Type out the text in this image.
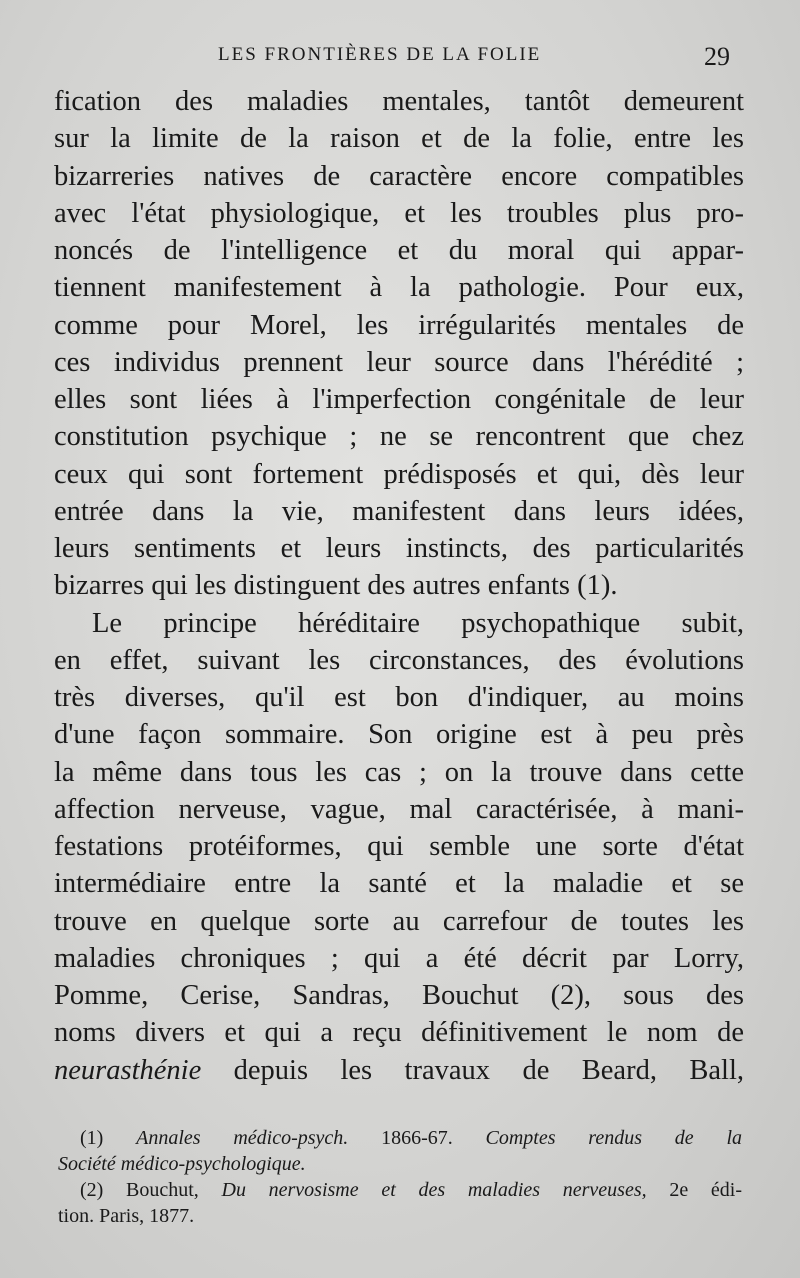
LES FRONTIÈRES DE LA FOLIE	29
fication des maladies mentales, tantôt demeurent
sur la limite de la raison et de la folie, entre les
bizarreries natives de caractère encore compatibles
avec l'état physiologique, et les troubles plus pro-
noncés de l'intelligence et du moral qui appar-
tiennent manifestement à la pathologie. Pour eux,
comme pour Morel, les irrégularités mentales de
ces individus prennent leur source dans l'hérédité ;
elles sont liées à l'imperfection congénitale de leur
constitution psychique ; ne se rencontrent que chez
ceux qui sont fortement prédisposés et qui, dès leur
entrée dans la vie, manifestent dans leurs idées,
leurs sentiments et leurs instincts, des particularités
bizarres qui les distinguent des autres enfants (1).
Le principe héréditaire psychopathique subit,
en effet, suivant les circonstances, des évolutions
très diverses, qu'il est bon d'indiquer, au moins
d'une façon sommaire. Son origine est à peu près
la même dans tous les cas ; on la trouve dans cette
affection nerveuse, vague, mal caractérisée, à mani-
festations protéiformes, qui semble une sorte d'état
intermédiaire entre la santé et la maladie et se
trouve en quelque sorte au carrefour de toutes les
maladies chroniques ; qui a été décrit par Lorry,
Pomme, Cerise, Sandras, Bouchut (2), sous des
noms divers et qui a reçu définitivement le nom de
neurasthénie depuis les travaux de Beard, Ball,
(1) Annales médico-psych. 1866-67. Comptes rendus de la
Société médico-psychologique.
(2) Bouchut, Du nervosisme et des maladies nerveuses, 2e édi-
tion. Paris, 1877.
